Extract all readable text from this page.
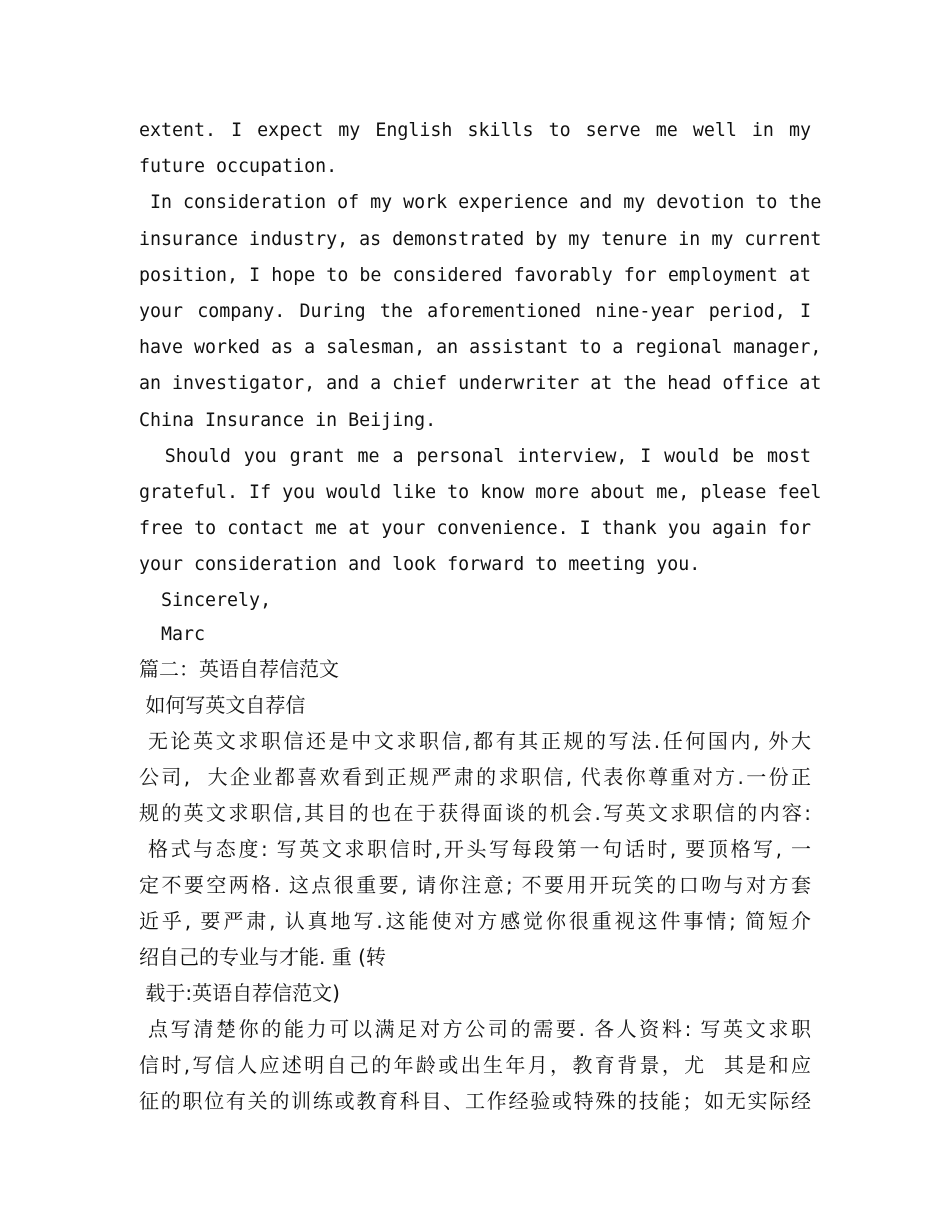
extent. I expect my English skills to serve me well in my
future occupation.
In consideration of my work experience and my devotion to the
insurance industry, as demonstrated by my tenure in my current
position, I hope to be considered favorably for employment at
your company. During the aforementioned nine-year period, I
have worked as a salesman, an assistant to a regional manager,
an investigator, and a chief underwriter at the head office at
China Insurance in Beijing.
Should you grant me a personal interview, I would be most
grateful. If you would like to know more about me, please feel
free to contact me at your convenience. I thank you again for
your consideration and look forward to meeting you.
Sincerely,
Marc
篇二：英语自荐信范文
如何写英文自荐信
无论英文求职信还是中文求职信,都有其正规的写法.任何国内, 外大
公司,  大企业都喜欢看到正规严肃的求职信, 代表你尊重对方.一份正
规的英文求职信,其目的也在于获得面谈的机会.写英文求职信的内容:
格式与态度: 写英文求职信时,开头写每段第一句话时, 要顶格写, 一
定不要空两格. 这点很重要, 请你注意; 不要用开玩笑的口吻与对方套
近乎, 要严肃, 认真地写.这能使对方感觉你很重视这件事情; 简短介
绍自己的专业与才能. 重 (转
载于:英语自荐信范文)
点写清楚你的能力可以满足对方公司的需要. 各人资料: 写英文求职
信时,写信人应述明自己的年龄或出生年月，教育背景，尤  其是和应
征的职位有关的训练或教育科目、工作经验或特殊的技能；如无实际经
